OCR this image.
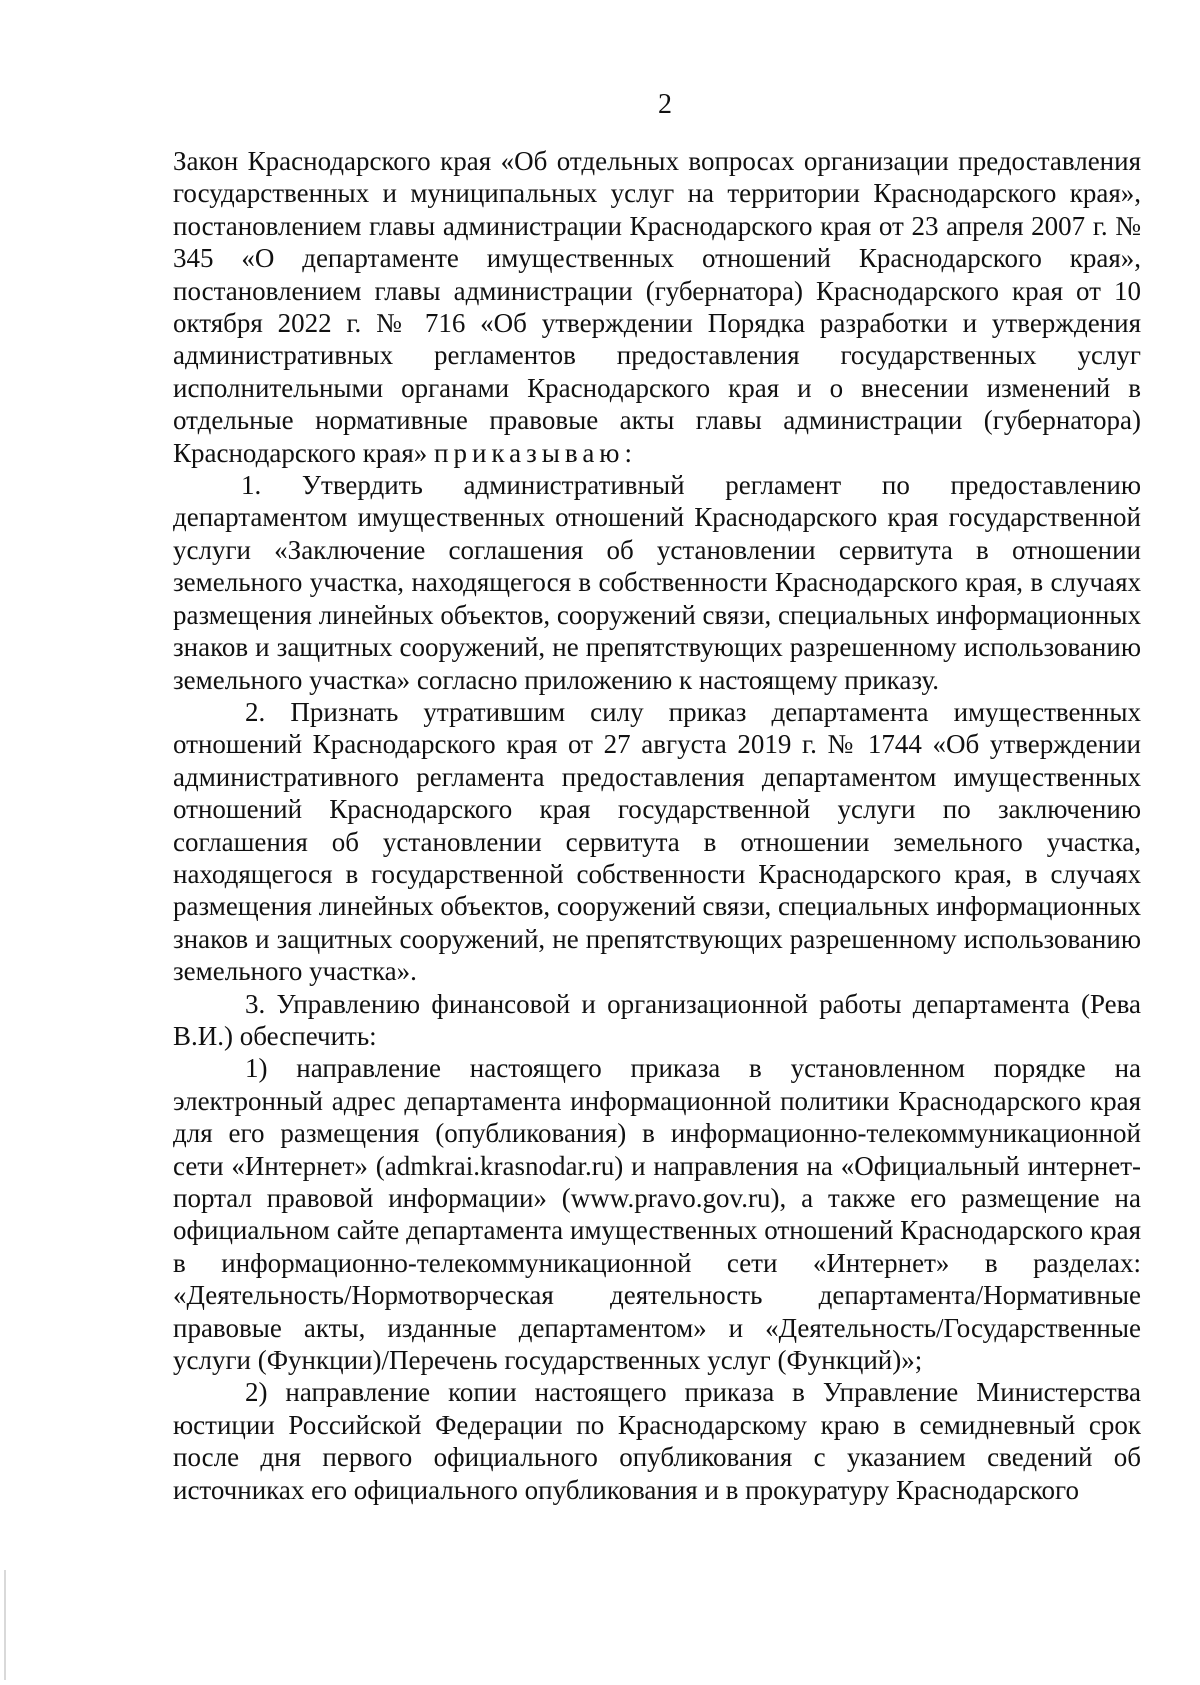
2

Закон Краснодарского края «Об отдельных вопросах организации предоставления государственных и муниципальных услуг на территории Краснодарского края», постановлением главы администрации Краснодарского края от 23 апреля 2007 г. № 345 «О департаменте имущественных отношений Краснодарского края», постановлением главы администрации (губернатора) Краснодарского края от 10 октября 2022 г. № 716 «Об утверждении Порядка разработки и утверждения административных регламентов предоставления государственных услуг исполнительными органами Краснодарского края и о внесении изменений в отдельные нормативные правовые акты главы администрации (губернатора) Краснодарского края» приказываю:

1. Утвердить административный регламент по предоставлению департаментом имущественных отношений Краснодарского края государственной услуги «Заключение соглашения об установлении сервитута в отношении земельного участка, находящегося в собственности Краснодарского края, в случаях размещения линейных объектов, сооружений связи, специальных информационных знаков и защитных сооружений, не препятствующих разрешенному использованию земельного участка» согласно приложению к настоящему приказу.

2. Признать утратившим силу приказ департамента имущественных отношений Краснодарского края от 27 августа 2019 г. № 1744 «Об утверждении административного регламента предоставления департаментом имущественных отношений Краснодарского края государственной услуги по заключению соглашения об установлении сервитута в отношении земельного участка, находящегося в государственной собственности Краснодарского края, в случаях размещения линейных объектов, сооружений связи, специальных информационных знаков и защитных сооружений, не препятствующих разрешенному использованию земельного участка».

3. Управлению финансовой и организационной работы департамента (Рева В.И.) обеспечить:

1) направление настоящего приказа в установленном порядке на электронный адрес департамента информационной политики Краснодарского края для его размещения (опубликования) в информационно-телекоммуникационной сети «Интернет» (admkrai.krasnodar.ru) и направления на «Официальный интернет-портал правовой информации» (www.pravo.gov.ru), а также его размещение на официальном сайте департамента имущественных отношений Краснодарского края в информационно-телекоммуникационной сети «Интернет» в разделах: «Деятельность/Нормотворческая деятельность департамента/Нормативные правовые акты, изданные департаментом» и «Деятельность/Государственные услуги (Функции)/Перечень государственных услуг (Функций)»;

2) направление копии настоящего приказа в Управление Министерства юстиции Российской Федерации по Краснодарскому краю в семидневный срок после дня первого официального опубликования с указанием сведений об источниках его официального опубликования и в прокуратуру Краснодарского
